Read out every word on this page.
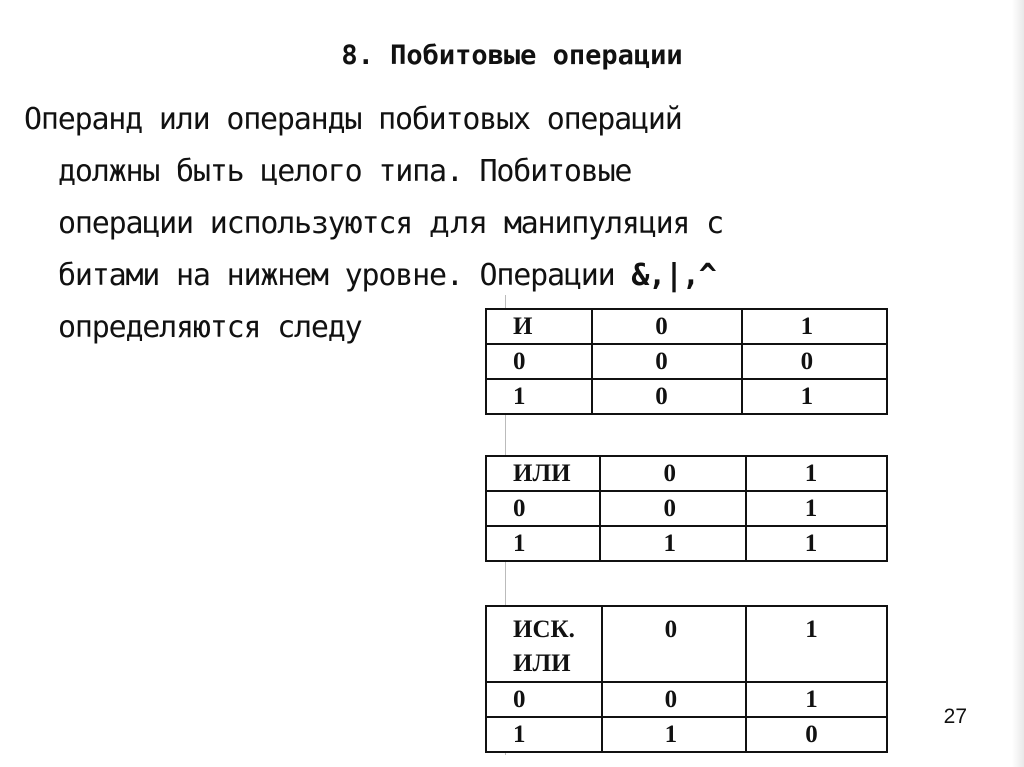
8. Побитовые операции
Операнд или операнды побитовых операций
должны быть целого типа. Побитовые
операции используются для манипуляция с
битами на нижнем уровне. Операции &,|,^
определяются следу	И	0	1
0	0	0
1	0	1
ИЛИ	0	1
0	0	1
1	1	1
ИСК.
ИЛИ	0	1
0	0	1
1	1	0
27
